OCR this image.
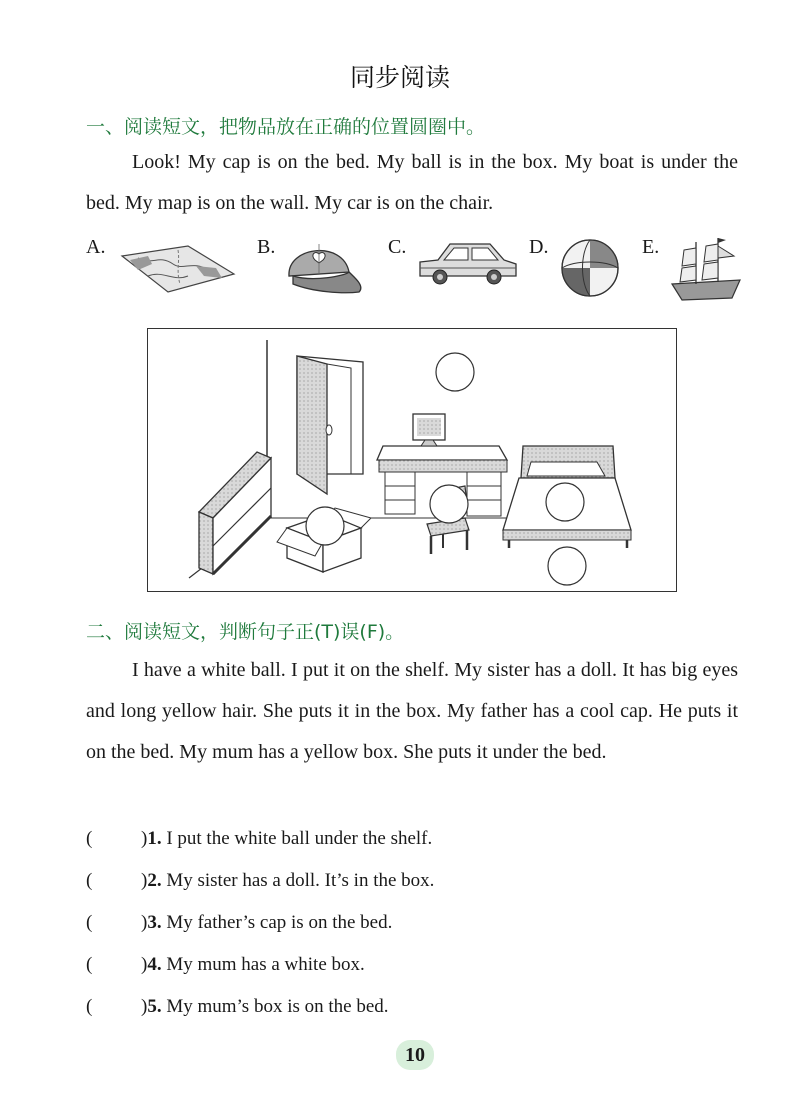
同步阅读
一、阅读短文，把物品放在正确的位置圆圈中。

Look! My cap is on the bed. My ball is in the box. My boat is under the bed. My map is on the wall. My car is on the chair.

A.	B.	C.	D.	E.
二、阅读短文，判断句子正(T)误(F)。

I have a white ball. I put it on the shelf. My sister has a doll. It has big eyes and long yellow hair. She puts it in the box. My father has a cool cap. He puts it on the bed. My mum has a yellow box. She puts it under the bed.

(	)1. I put the white ball under the shelf.
(	)2. My sister has a doll. It’s in the box.
(	)3. My father’s cap is on the bed.
(	)4. My mum has a white box.
(	)5. My mum’s box is on the bed.
10
